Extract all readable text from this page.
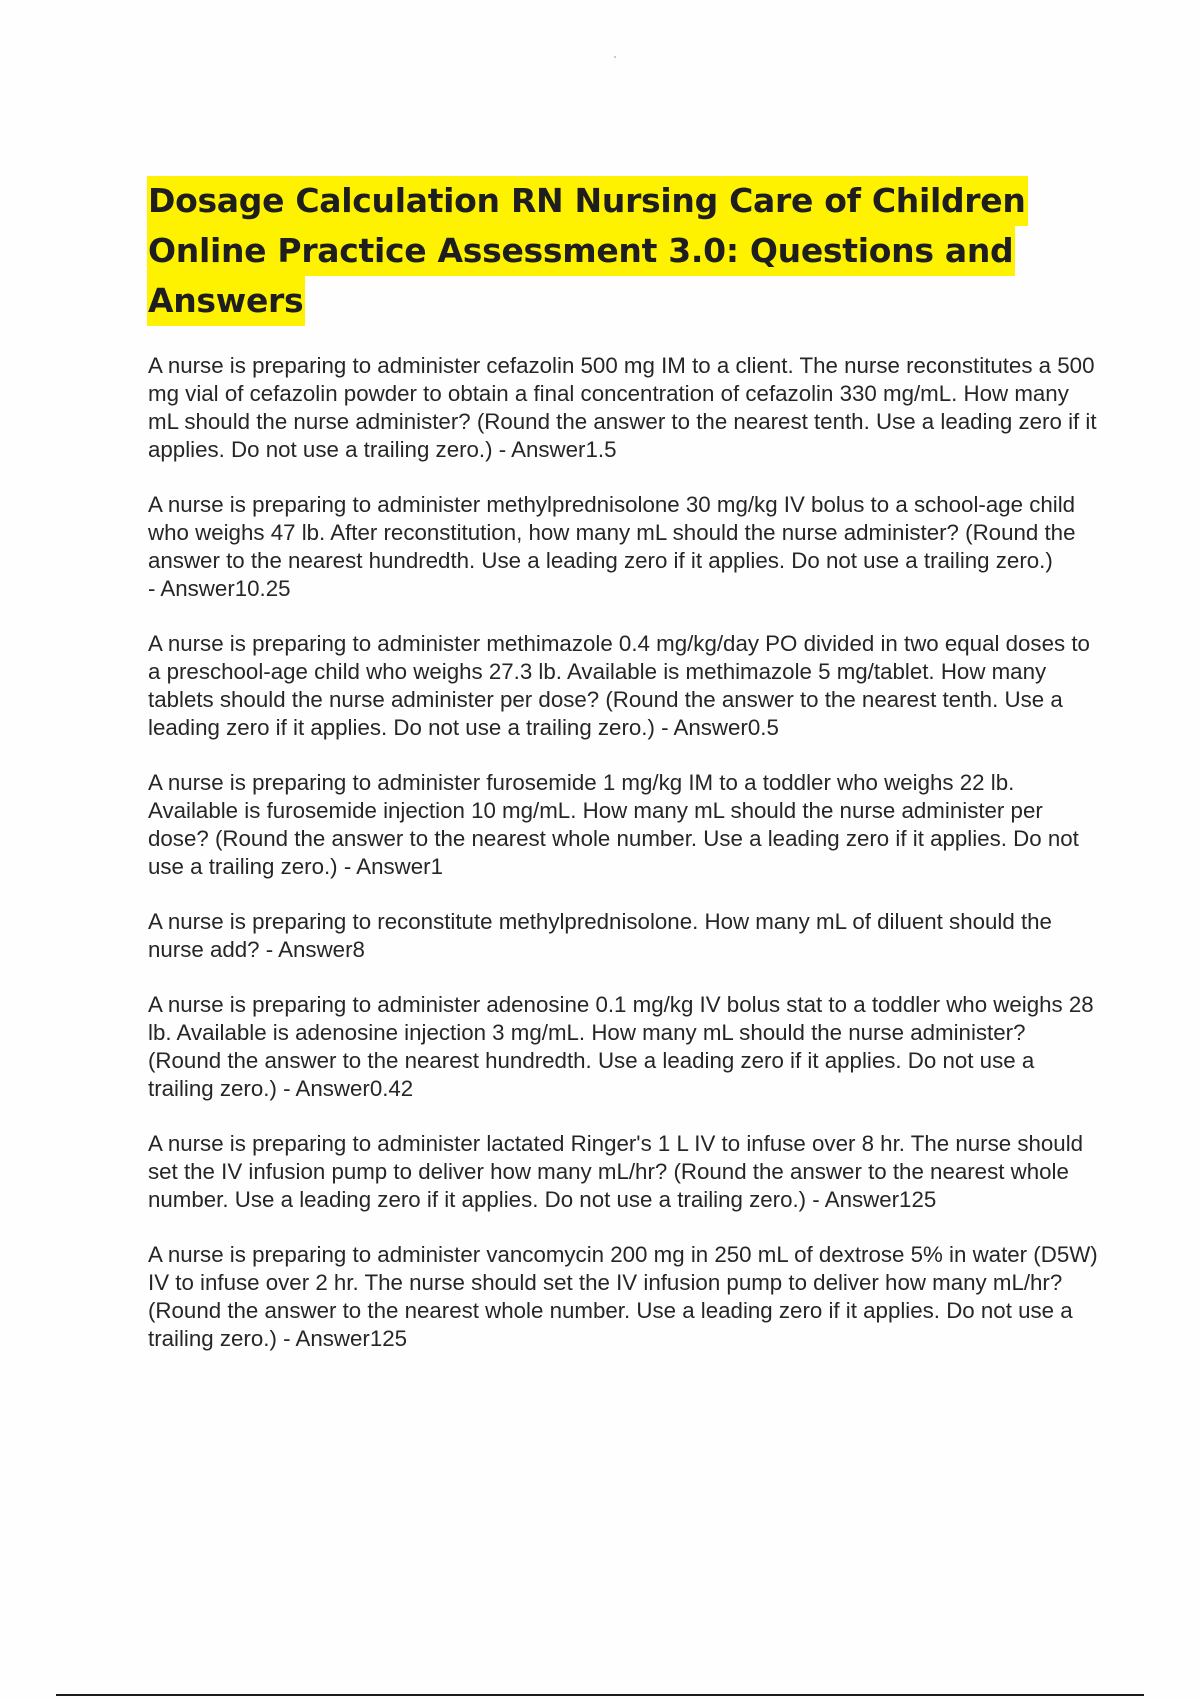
Dosage Calculation RN Nursing Care of Children
Online Practice Assessment 3.0: Questions and
Answers

A nurse is preparing to administer cefazolin 500 mg IM to a client. The nurse reconstitutes a 500 mg vial of cefazolin powder to obtain a final concentration of cefazolin 330 mg/mL. How many mL should the nurse administer? (Round the answer to the nearest tenth. Use a leading zero if it applies. Do not use a trailing zero.) - Answer1.5

A nurse is preparing to administer methylprednisolone 30 mg/kg IV bolus to a school-age child who weighs 47 lb. After reconstitution, how many mL should the nurse administer? (Round the answer to the nearest hundredth. Use a leading zero if it applies. Do not use a trailing zero.) - Answer10.25

A nurse is preparing to administer methimazole 0.4 mg/kg/day PO divided in two equal doses to a preschool-age child who weighs 27.3 lb. Available is methimazole 5 mg/tablet. How many tablets should the nurse administer per dose? (Round the answer to the nearest tenth. Use a leading zero if it applies. Do not use a trailing zero.) - Answer0.5

A nurse is preparing to administer furosemide 1 mg/kg IM to a toddler who weighs 22 lb. Available is furosemide injection 10 mg/mL. How many mL should the nurse administer per dose? (Round the answer to the nearest whole number. Use a leading zero if it applies. Do not use a trailing zero.) - Answer1

A nurse is preparing to reconstitute methylprednisolone. How many mL of diluent should the nurse add? - Answer8

A nurse is preparing to administer adenosine 0.1 mg/kg IV bolus stat to a toddler who weighs 28 lb. Available is adenosine injection 3 mg/mL. How many mL should the nurse administer? (Round the answer to the nearest hundredth. Use a leading zero if it applies. Do not use a trailing zero.) - Answer0.42

A nurse is preparing to administer lactated Ringer's 1 L IV to infuse over 8 hr. The nurse should set the IV infusion pump to deliver how many mL/hr? (Round the answer to the nearest whole number. Use a leading zero if it applies. Do not use a trailing zero.) - Answer125

A nurse is preparing to administer vancomycin 200 mg in 250 mL of dextrose 5% in water (D5W) IV to infuse over 2 hr. The nurse should set the IV infusion pump to deliver how many mL/hr? (Round the answer to the nearest whole number. Use a leading zero if it applies. Do not use a trailing zero.) - Answer125
